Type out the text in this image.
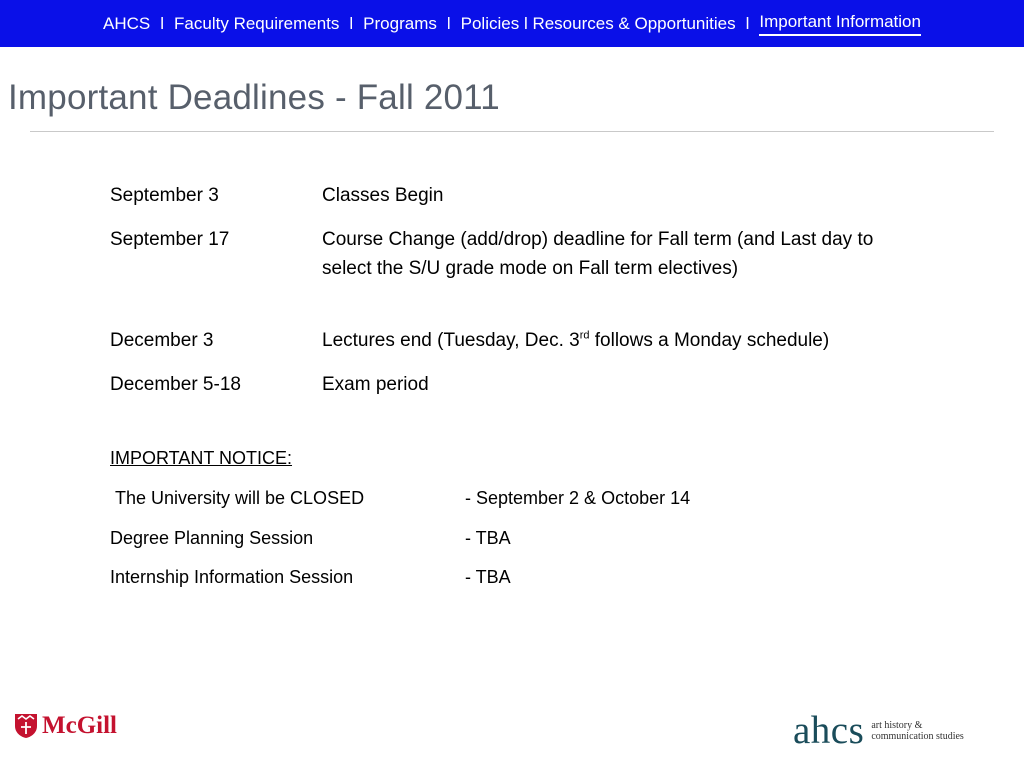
AHCS l Faculty Requirements l Programs l Policies l Resources & Opportunities l Important Information
Important Deadlines - Fall 2011
September 3	Classes Begin
September 17	Course Change (add/drop) deadline for Fall term (and Last day to select the S/U grade mode on Fall term electives)
December 3	Lectures end (Tuesday, Dec. 3rd follows a Monday schedule)
December 5-18	Exam period
IMPORTANT NOTICE:
The University will be CLOSED	- September 2 & October 14
Degree Planning Session	- TBA
Internship Information Session	- TBA
McGill	ahcs art history &
communication studies
